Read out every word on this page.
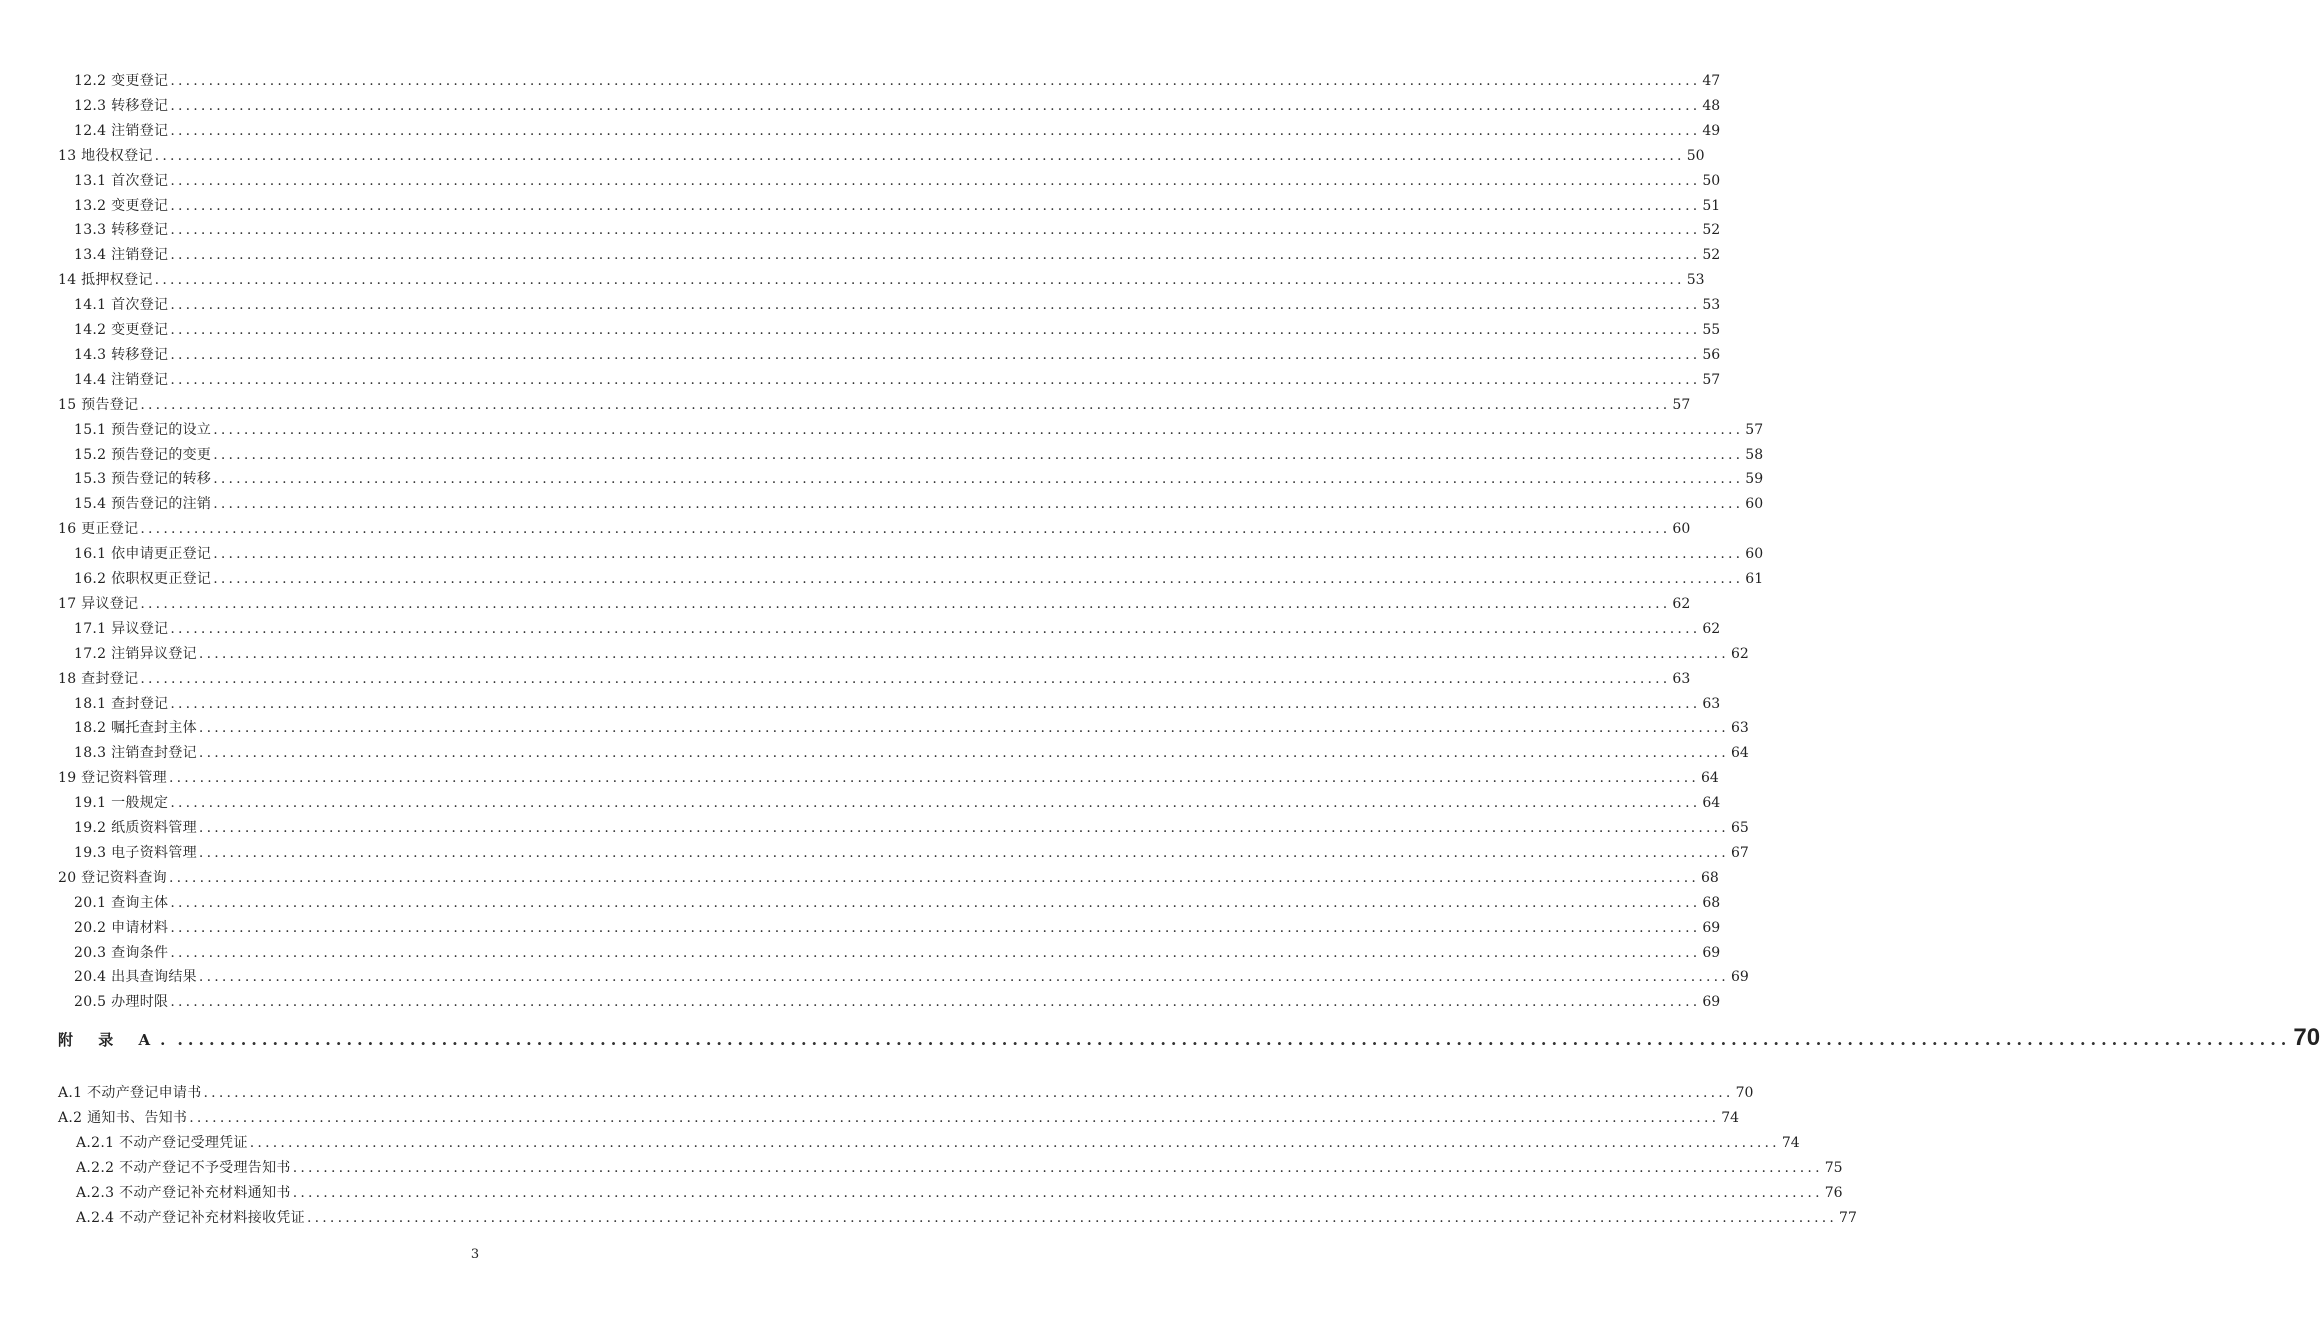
12.2 变更登记 ........................................................................................................................................................................................................ 47
12.3 转移登记 ........................................................................................................................................................................................................ 48
12.4 注销登记 ........................................................................................................................................................................................................ 49
13 地役权登记 ........................................................................................................................................................................................................ 50
13.1 首次登记 ........................................................................................................................................................................................................ 50
13.2 变更登记 ........................................................................................................................................................................................................ 51
13.3 转移登记 ........................................................................................................................................................................................................ 52
13.4 注销登记 ........................................................................................................................................................................................................ 52
14 抵押权登记 ........................................................................................................................................................................................................ 53
14.1 首次登记 ........................................................................................................................................................................................................ 53
14.2 变更登记 ........................................................................................................................................................................................................ 55
14.3 转移登记 ........................................................................................................................................................................................................ 56
14.4 注销登记 ........................................................................................................................................................................................................ 57
15 预告登记 ........................................................................................................................................................................................................ 57
15.1 预告登记的设立 ........................................................................................................................................................................................................ 57
15.2 预告登记的变更 ........................................................................................................................................................................................................ 58
15.3 预告登记的转移 ........................................................................................................................................................................................................ 59
15.4 预告登记的注销 ........................................................................................................................................................................................................ 60
16 更正登记 ........................................................................................................................................................................................................ 60
16.1 依申请更正登记 ........................................................................................................................................................................................................ 60
16.2 依职权更正登记 ........................................................................................................................................................................................................ 61
17 异议登记 ........................................................................................................................................................................................................ 62
17.1 异议登记 ........................................................................................................................................................................................................ 62
17.2 注销异议登记 ........................................................................................................................................................................................................ 62
18 查封登记 ........................................................................................................................................................................................................ 63
18.1 查封登记 ........................................................................................................................................................................................................ 63
18.2 嘱托查封主体 ........................................................................................................................................................................................................ 63
18.3 注销查封登记 ........................................................................................................................................................................................................ 64
19 登记资料管理 ........................................................................................................................................................................................................ 64
19.1 一般规定 ........................................................................................................................................................................................................ 64
19.2 纸质资料管理 ........................................................................................................................................................................................................ 65
19.3 电子资料管理 ........................................................................................................................................................................................................ 67
20 登记资料查询 ........................................................................................................................................................................................................ 68
20.1 查询主体 ........................................................................................................................................................................................................ 68
20.2 申请材料 ........................................................................................................................................................................................................ 69
20.3 查询条件 ........................................................................................................................................................................................................ 69
20.4 出具查询结果 ........................................................................................................................................................................................................ 69
20.5 办理时限 ........................................................................................................................................................................................................ 69
附 录 A. ........................................................................................................................................................................................................ 70
A.1 不动产登记申请书 ........................................................................................................................................................................................................ 70
A.2 通知书、告知书 ........................................................................................................................................................................................................ 74
A.2.1 不动产登记受理凭证 ........................................................................................................................................................................................................ 74
A.2.2 不动产登记不予受理告知书 ........................................................................................................................................................................................................ 75
A.2.3 不动产登记补充材料通知书 ........................................................................................................................................................................................................ 76
A.2.4 不动产登记补充材料接收凭证 ........................................................................................................................................................................................................ 77
3
